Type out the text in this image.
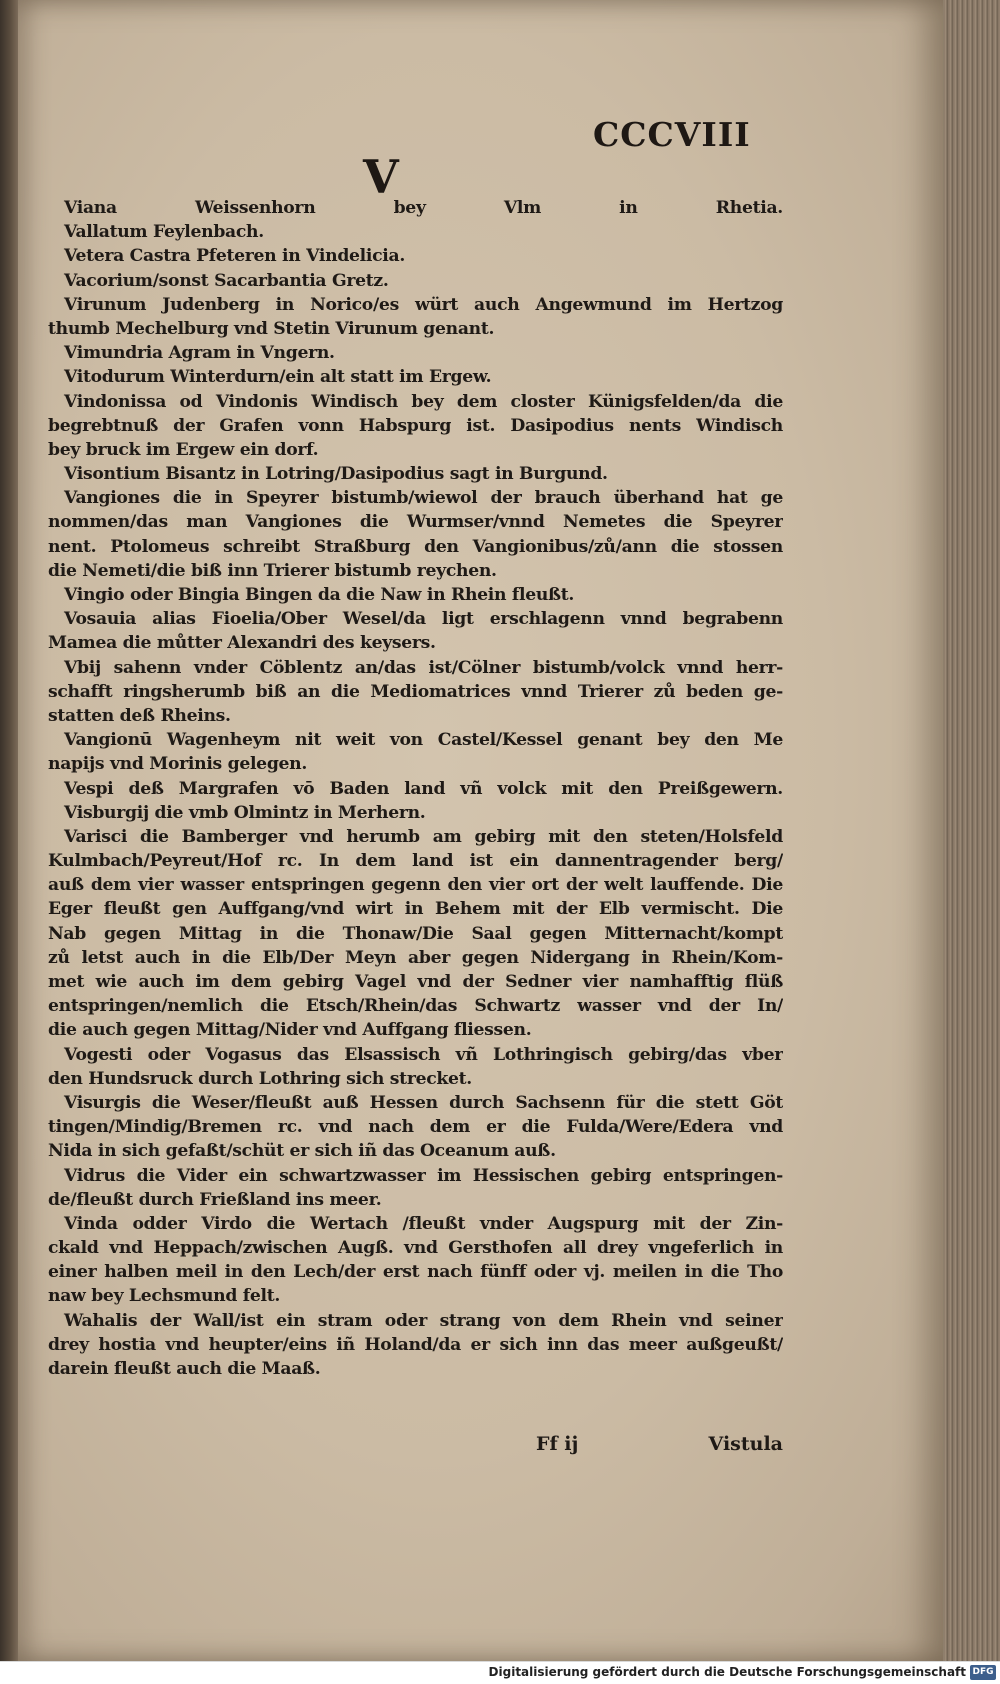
CCCVIII
V
Viana Weissenhorn bey Vlm in Rhetia.
Vallatum Feylenbach.
Vetera Castra Pfeteren in Vindelicia.
Vacorium/sonst Sacarbantia Gretz.
Virunum Judenberg in Norico/es würt auch Angewmund im Hertzog
thumb Mechelburg vnd Stetin Virunum genant.
Vimundria Agram in Vngern.
Vitodurum Winterdurn/ein alt statt im Ergew.
Vindonissa od Vindonis Windisch bey dem closter Künigsfelden/da die
begrebtnuß der Grafen vonn Habspurg ist. Dasipodius nents Windisch
bey bruck im Ergew ein dorf.
Visontium Bisantz in Lotring/Dasipodius sagt in Burgund.
Vangiones die in Speyrer bistumb/wiewol der brauch überhand hat ge
nommen/das man Vangiones die Wurmser/vnnd Nemetes die Speyrer
nent. Ptolomeus schreibt Straßburg den Vangionibus/zů/ann die stossen
die Nemeti/die biß inn Trierer bistumb reychen.
Vingio oder Bingia Bingen da die Naw in Rhein fleußt.
Vosauia alias Fioelia/Ober Wesel/da ligt erschlagenn vnnd begrabenn
Mamea die můtter Alexandri des keysers.
Vbij sahenn vnder Cöblentz an/das ist/Cölner bistumb/volck vnnd herr-
schafft ringsherumb biß an die Mediomatrices vnnd Trierer zů beden ge-
statten deß Rheins.
Vangionū Wagenheym nit weit von Castel/Kessel genant bey den Me
napijs vnd Morinis gelegen.
Vespi deß Margrafen vō Baden land vñ volck mit den Preißgewern.
Visburgij die vmb Olmintz in Merhern.
Varisci die Bamberger vnd herumb am gebirg mit den steten/Holsfeld
Kulmbach/Peyreut/Hof rc. In dem land ist ein dannentragender berg/
auß dem vier wasser entspringen gegenn den vier ort der welt lauffende. Die
Eger fleußt gen Auffgang/vnd wirt in Behem mit der Elb vermischt. Die
Nab gegen Mittag in die Thonaw/Die Saal gegen Mitternacht/kompt
zů letst auch in die Elb/Der Meyn aber gegen Nidergang in Rhein/Kom-
met wie auch im dem gebirg Vagel vnd der Sedner vier namhafftig flüß
entspringen/nemlich die Etsch/Rhein/das Schwartz wasser vnd der In/
die auch gegen Mittag/Nider vnd Auffgang fliessen.
Vogesti oder Vogasus das Elsassisch vñ Lothringisch gebirg/das vber
den Hundsruck durch Lothring sich strecket.
Visurgis die Weser/fleußt auß Hessen durch Sachsenn für die stett Göt
tingen/Mindig/Bremen rc. vnd nach dem er die Fulda/Were/Edera vnd
Nida in sich gefaßt/schüt er sich iñ das Oceanum auß.
Vidrus die Vider ein schwartzwasser im Hessischen gebirg entspringen-
de/fleußt durch Frießland ins meer.
Vinda odder Virdo die Wertach /fleußt vnder Augspurg mit der Zin-
ckald vnd Heppach/zwischen Augß. vnd Gersthofen all drey vngeferlich in
einer halben meil in den Lech/der erst nach fünff oder vj. meilen in die Tho
naw bey Lechsmund felt.
Wahalis der Wall/ist ein stram oder strang von dem Rhein vnd seiner
drey hostia vnd heupter/eins iñ Holand/da er sich inn das meer außgeußt/
darein fleußt auch die Maaß.
Ff ij	Vistula
Digitalisierung gefördert durch die Deutsche Forschungsgemeinschaft DFG
